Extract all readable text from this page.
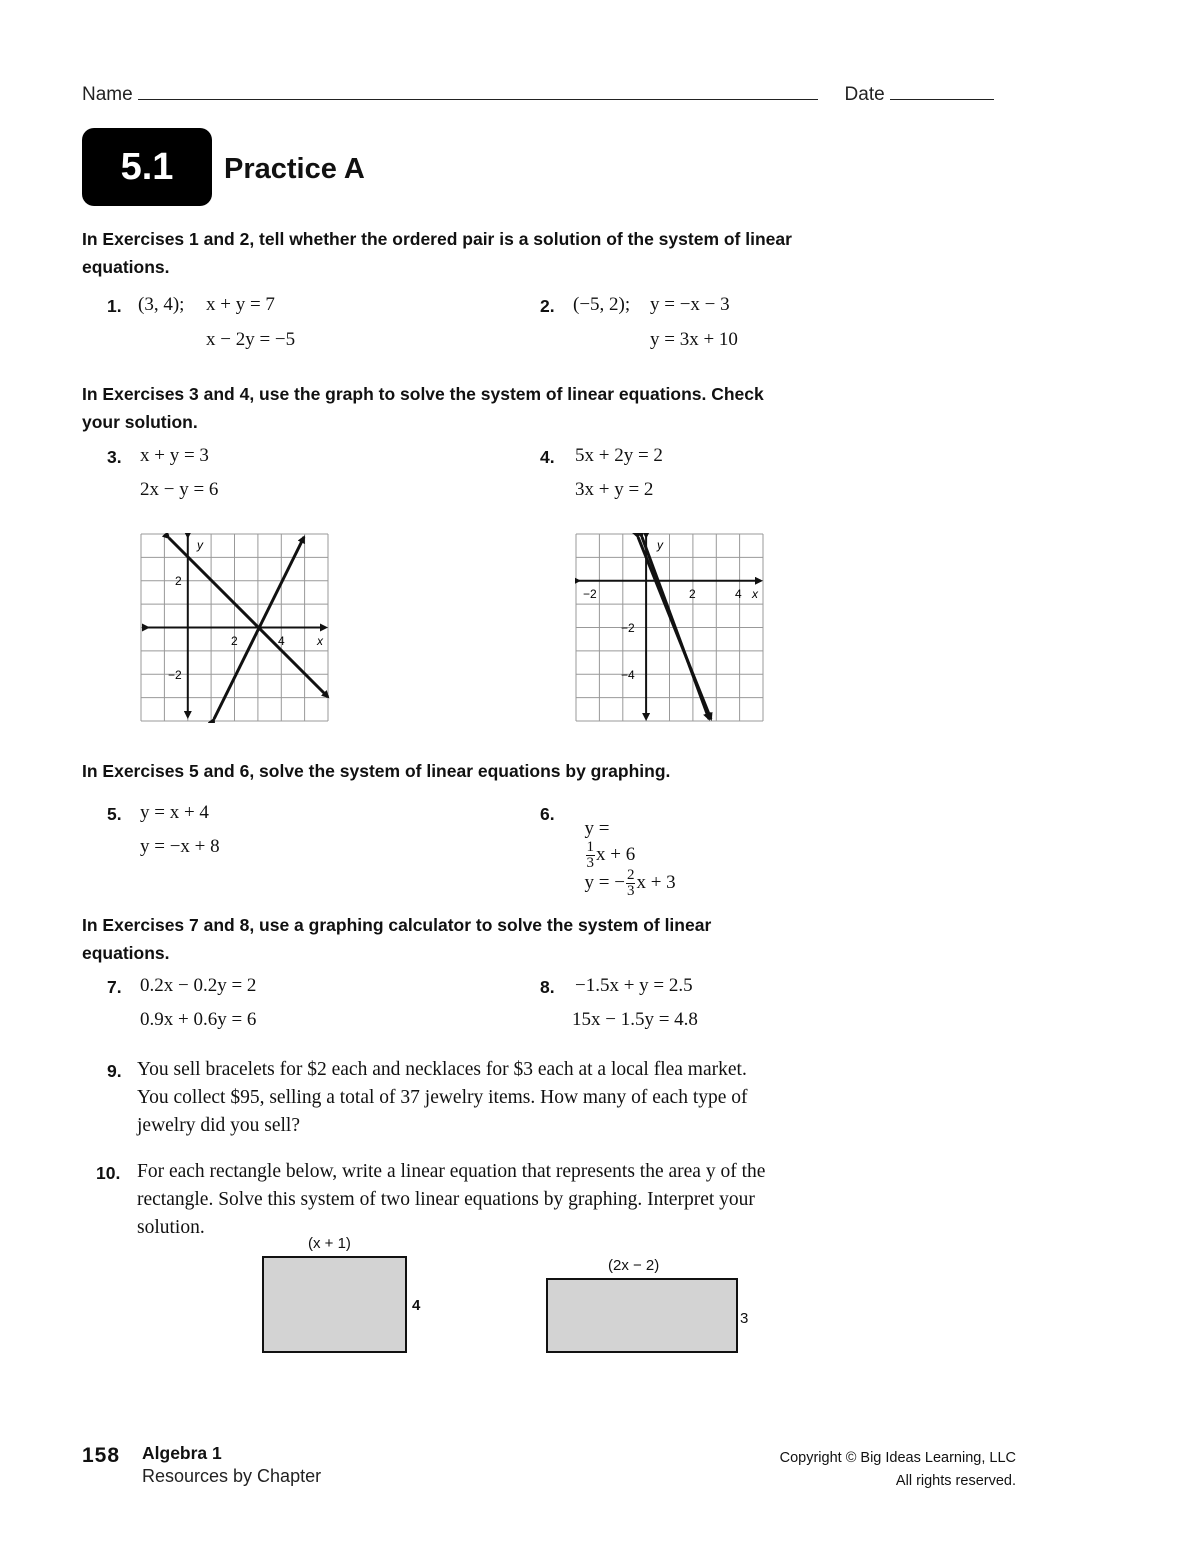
Name	Date
5.1 Practice A
In Exercises 1 and 2, tell whether the ordered pair is a solution of the system of linear equations.
1. (3, 4); x + y = 7
x − 2y = −5
2. (−5, 2); y = −x − 3
y = 3x + 10
In Exercises 3 and 4, use the graph to solve the system of linear equations. Check your solution.
3. x + y = 3
2x − y = 6
4. 5x + 2y = 2
3x + y = 2
x
y
2	4
2
−2
x
y
−2	2	4
−2
−4
In Exercises 5 and 6, solve the system of linear equations by graphing.
5. y = x + 4
y = −x + 8
6.

y =

$\frac{1}{3}$ x + 6

y = − $\frac{2}{3}$ x + 3

In Exercises 7 and 8, use a graphing calculator to solve the system of linear equations.
7. 0.2x − 0.2y = 2
0.9x + 0.6y = 6
8. −1.5x + y = 2.5
15x − 1.5y = 4.8
9. You sell bracelets for $2 each and necklaces for $3 each at a local flea market.
You collect $95, selling a total of 37 jewelry items. How many of each type of
jewelry did you sell?
10. For each rectangle below, write a linear equation that represents the area y of the
rectangle. Solve this system of two linear equations by graphing. Interpret your
solution.
(x + 1)
4
(2x − 2)
3
158 Algebra 1
Resources by Chapter
Copyright © Big Ideas Learning, LLC
All rights reserved.
